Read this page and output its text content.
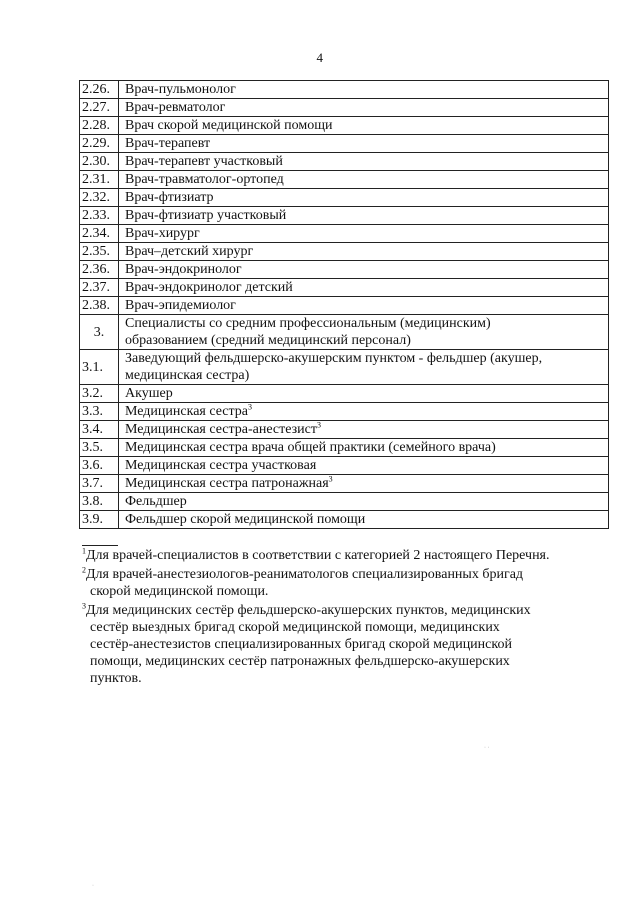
4
2.26.	Врач-пульмонолог
2.27.	Врач-ревматолог
2.28.	Врач скорой медицинской помощи
2.29.	Врач-терапевт
2.30.	Врач-терапевт участковый
2.31.	Врач-травматолог-ортопед
2.32.	Врач-фтизиатр
2.33.	Врач-фтизиатр участковый
2.34.	Врач-хирург
2.35.	Врач–детский хирург
2.36.	Врач-эндокринолог
2.37.	Врач-эндокринолог детский
2.38.	Врач-эпидемиолог
3.	Специалисты со средним профессиональным (медицинским)
образованием (средний медицинский персонал)
3.1.	Заведующий фельдшерско-акушерским пунктом - фельдшер (акушер,
медицинская сестра)
3.2.	Акушер
3.3.	Медицинская сестра$^3$
3.4.	Медицинская сестра-анестезист$^3$
3.5.	Медицинская сестра врача общей практики (семейного врача)
3.6.	Медицинская сестра участковая
3.7.	Медицинская сестра патронажная$^3$
3.8.	Фельдшер
3.9.	Фельдшер скорой медицинской помощи
$^1$Для врачей-специалистов в соответствии с категорией 2 настоящего Перечня.
$^2$Для врачей-анестезиологов-реаниматологов специализированных бригад
скорой медицинской помощи.
$^3$Для медицинских сестёр фельдшерско-акушерских пунктов, медицинских
сестёр выездных бригад скорой медицинской помощи, медицинских
сестёр-анестезистов специализированных бригад скорой медицинской
помощи, медицинских сестёр патронажных фельдшерско-акушерских
пунктов.
· ·
·
